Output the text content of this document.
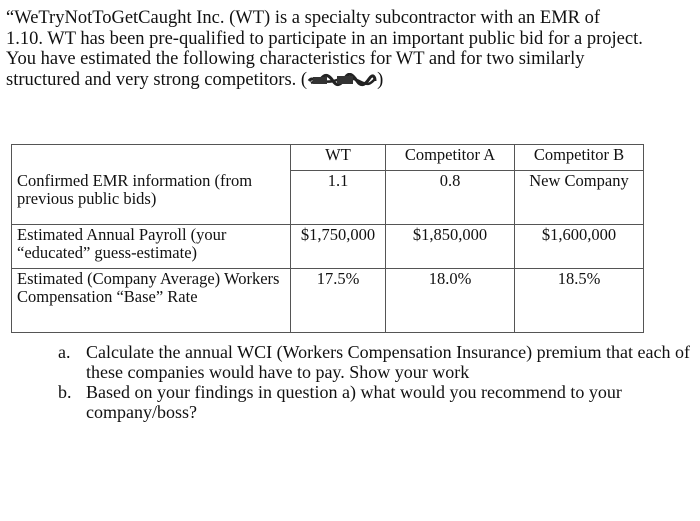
“WeTryNotToGetCaught Inc. (WT) is a specialty subcontractor with an EMR of
1.10. WT has been pre-qualified to participate in an important public bid for a project.
You have estimated the following characteristics for WT and for two similarly
structured and very strong competitors. (	)
	WT	Competitor A	Competitor B
Confirmed EMR information (from previous public bids)	1.1	0.8	New Company
Estimated Annual Payroll (your “educated” guess-estimate)	$1,750,000	$1,850,000	$1,600,000
Estimated (Company Average) Workers Compensation “Base” Rate	17.5%	18.0%	18.5%
a. Calculate the annual WCI (Workers Compensation Insurance) premium that each of these companies would have to pay. Show your work
b. Based on your findings in question a) what would you recommend to your company/boss?
